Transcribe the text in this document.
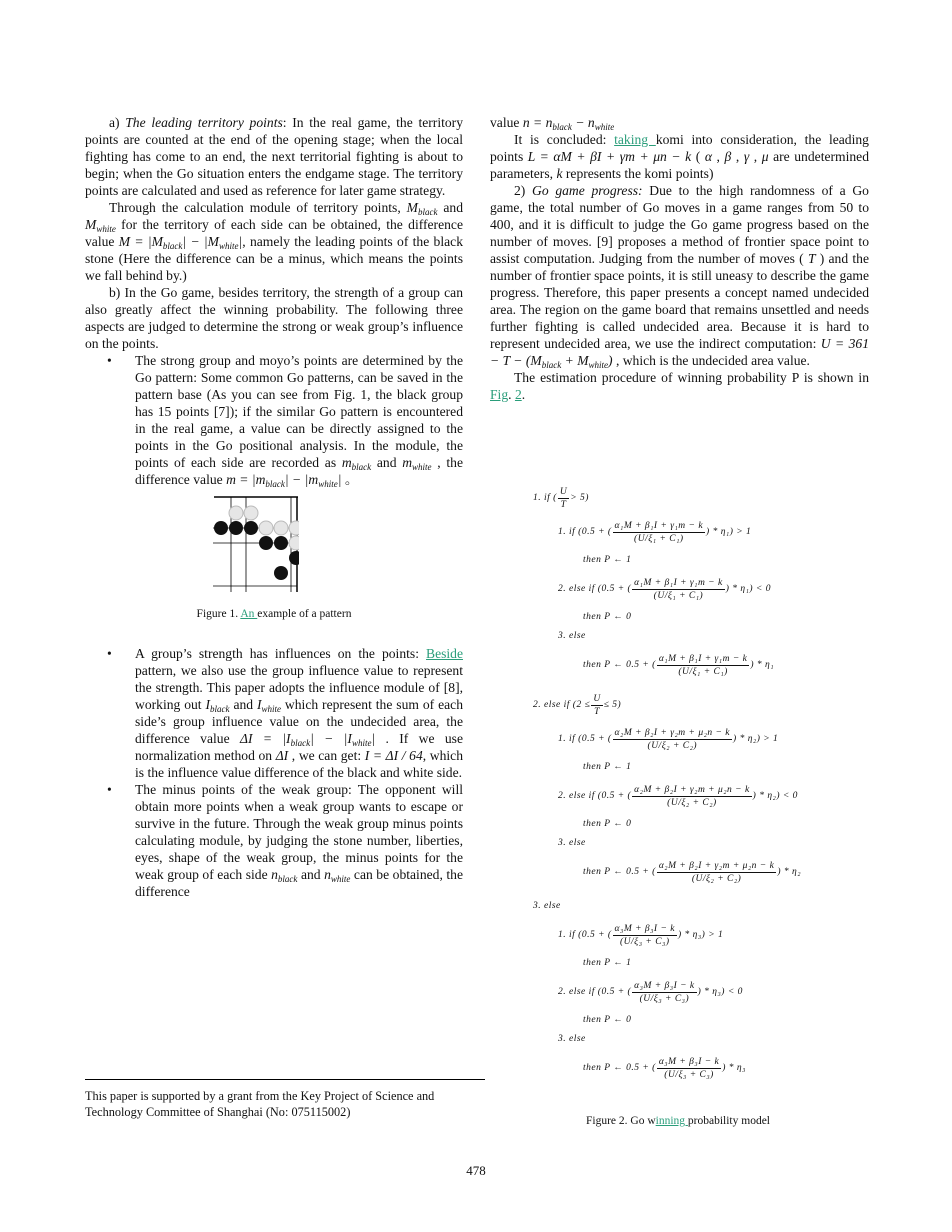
a) The leading territory points: In the real game, the territory points are counted at the end of the opening stage; when the local fighting has come to an end, the next territorial fighting is about to begin; when the Go situation enters the endgame stage. The territory points are calculated and used as reference for later game strategy.

Through the calculation module of territory points, $M_{black}$ and $M_{white}$ for the territory of each side can be obtained, the difference value $M = |M_{black}| - |M_{white}|$, namely the leading points of the black stone (Here the difference can be a minus, which means the points we fall behind by.)

b) In the Go game, besides territory, the strength of a group can also greatly affect the winning probability. The following three aspects are judged to determine the strong or weak group’s influence on the points.

• The strong group and moyo’s points are determined by the Go pattern: Some common Go patterns, can be saved in the pattern base (As you can see from Fig. 1, the black group has 15 points [7]); if the similar Go pattern is encountered in the real game, a value can be directly assigned to the points in the Go positional analysis. In the module, the points of each side are recorded as $m_{black}$ and $m_{white}$ , the difference value $m = |m_{black}| - |m_{white}|$ 。

Figure 1. An example of a pattern

• A group’s strength has influences on the points: Beside pattern, we also use the group influence value to represent the strength. This paper adopts the influence module of [8], working out $I_{black}$ and $I_{white}$ which represent the sum of each side’s group influence value on the undecided area, the difference value $\Delta I = |I_{black}| - |I_{white}|$ . If we use normalization method on ΔI , we can get: I = ΔI / 64, which is the influence value difference of the black and white side.

• The minus points of the weak group: The opponent will obtain more points when a weak group wants to escape or survive in the future. Through the weak group minus points calculating module, by judging the stone number, liberties, eyes, shape of the weak group, the minus points for the weak group of each side $n_{black}$ and $n_{white}$ can be obtained, the difference

value $n = n_{black} - n_{white}$

It is concluded: taking komi into consideration, the leading points L = αM + βI + γm + μn − k ( α , β , γ , μ are undetermined parameters, k represents the komi points)

2) Go game progress: Due to the high randomness of a Go game, the total number of Go moves in a game ranges from 50 to 400, and it is difficult to judge the Go game progress based on the number of moves. [9] proposes a method of frontier space point to assist computation. Judging from the number of moves ( T ) and the number of frontier space points, it is still uneasy to describe the game progress. Therefore, this paper presents a concept named undecided area. The region on the game board that remains unsettled and needs further fighting is called undecided area. Because it is hard to represent undecided area, we use the indirect computation: $U = 361 - T - (M_{black} + M_{white})$ , which is the undecided area value.

The estimation procedure of winning probability P is shown in Fig. 2.

1. if ( $\frac{U}{T} > 5$)
1. if (0.5 + ( $\frac{\text{α₁M + β₁I + γ₁m − k}}{\text{(U/ξ₁ + C₁)}}$ ) * η₁) > 1
then P ← 1
2. else if (0.5 + ( $\frac{\text{α₁M + β₁I + γ₁m − k}}{\text{(U/ξ₁ + C₁)}}$ ) * η₁) < 0
then P ← 0
3. else
then P ← 0.5 + ( $\frac{\text{α₁M + β₁I + γ₁m − k}}{\text{(U/ξ₁ + C₁)}}$ ) * η₁
2. else if $(2 \le \frac{U}{T} \le 5)$
1. if (0.5 + ( $\frac{\text{α₂M + β₂I + γ₂m + μ₂n − k}}{\text{(U/ξ₂ + C₂)}}$ ) * η₂) > 1
then P ← 1
2. else if (0.5 + ( $\frac{\text{α₂M + β₂I + γ₂m + μ₂n − k}}{\text{(U/ξ₂ + C₂)}}$ ) * η₂) < 0
then P ← 0
3. else
then P ← 0.5 + ( $\frac{\text{α₂M + β₂I + γ₂m + μ₂n − k}}{\text{(U/ξ₂ + C₂)}}$ ) * η₂
3. else
1. if (0.5 + ( $\frac{\text{α₃M + β₃I − k}}{\text{(U/ξ₃ + C₃)}}$ ) * η₃) > 1
then P ← 1
2. else if (0.5 + ( $\frac{\text{α₃M + β₃I − k}}{\text{(U/ξ₃ + C₃)}}$ ) * η₃) < 0
then P ← 0
3. else
then P ← 0.5 + ( $\frac{\text{α₃M + β₃I − k}}{\text{(U/ξ₃ + C₃)}}$ ) * η₃

Figure 2. Go winning probability model

This paper is supported by a grant from the Key Project of Science and Technology Committee of Shanghai (No: 075115002)
478
